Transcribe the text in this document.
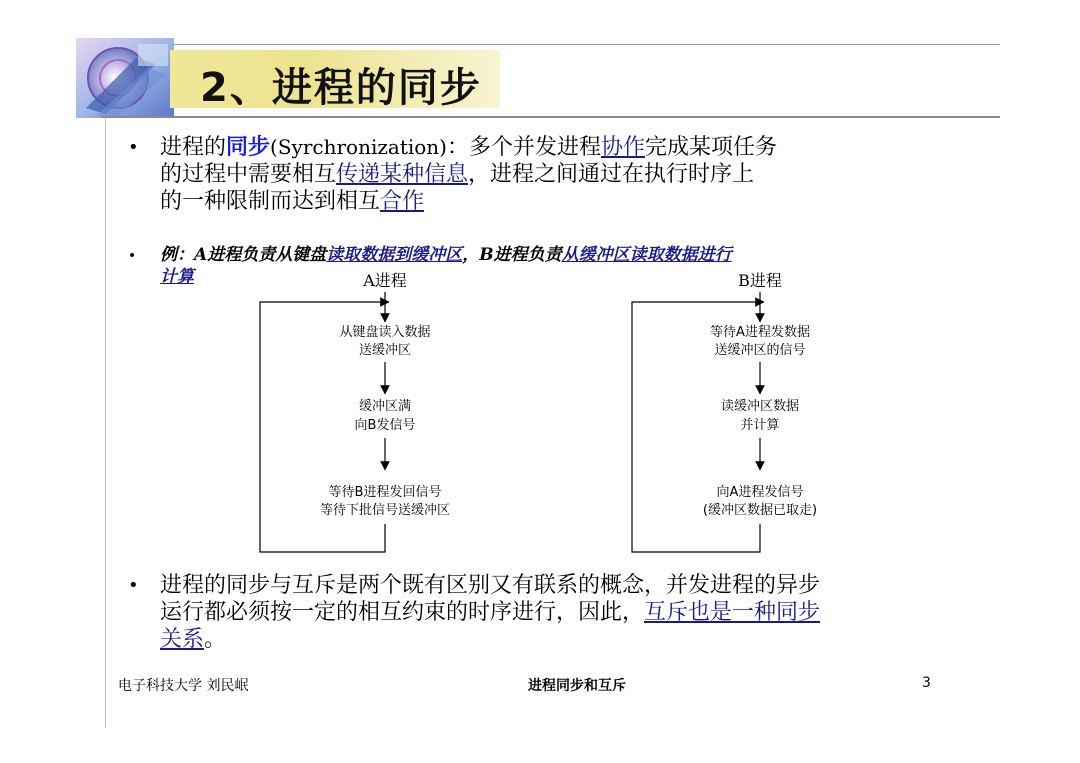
2、进程的同步
• 进程的同步(Syrchronization)：多个并发进程协作完成某项任务
的过程中需要相互传递某种信息，进程之间通过在执行时序上
的一种限制而达到相互合作
• 例：A进程负责从键盘读取数据到缓冲区，B进程负责从缓冲区读取数据进行
计算	A进程
从键盘读入数据
送缓冲区
缓冲区满
向B发信号
等待B进程发回信号
等待下批信号送缓冲区
B进程
等待A进程发数据
送缓冲区的信号
读缓冲区数据
并计算
向A进程发信号
(缓冲区数据已取走)
• 进程的同步与互斥是两个既有区别又有联系的概念，并发进程的异步
运行都必须按一定的相互约束的时序进行，因此，互斥也是一种同步
关系。
电子科技大学 刘民岷	进程同步和互斥	3
